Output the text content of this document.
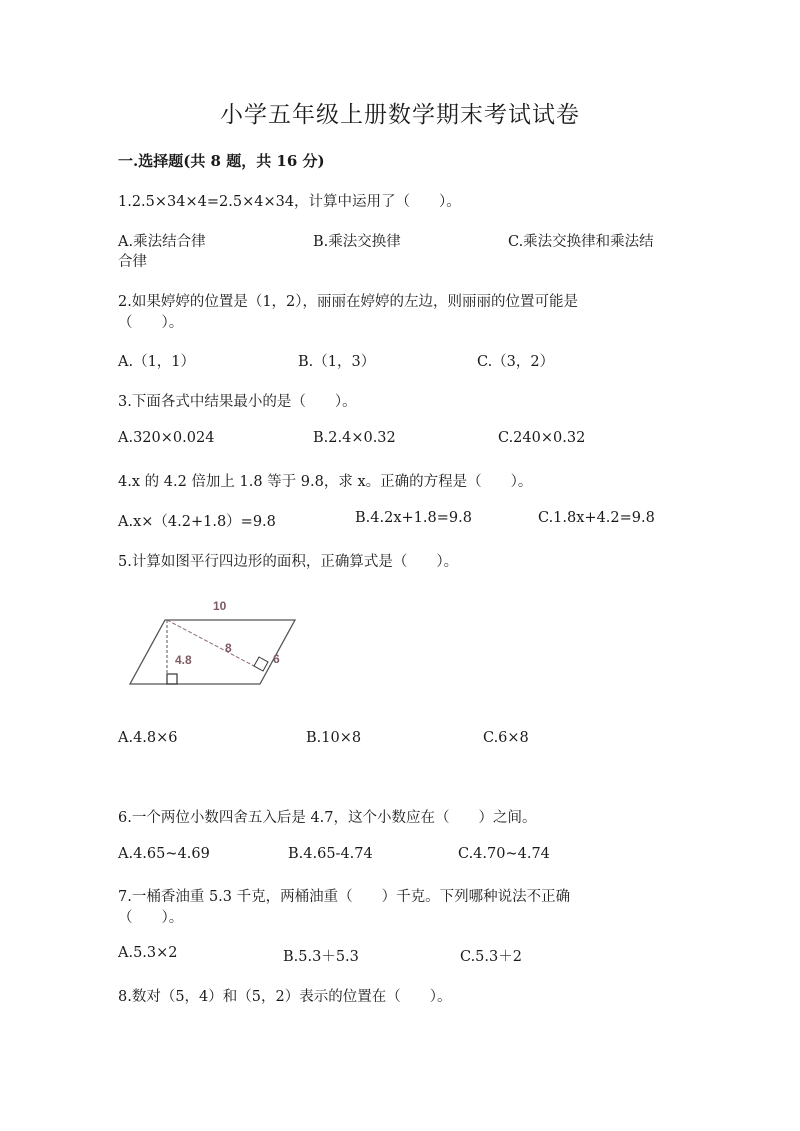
小学五年级上册数学期末考试试卷
一.选择题(共 8 题，共 16 分)
1.2.5×34×4=2.5×4×34，计算中运用了（　　）。
A.乘法结合律	B.乘法交换律	C.乘法交换律和乘法结
合律
2.如果婷婷的位置是（1，2），丽丽在婷婷的左边，则丽丽的位置可能是
（　　）。
A.（1，1）	B.（1，3）	C.（3，2）
3.下面各式中结果最小的是（　　）。
A.320×0.024	B.2.4×0.32	C.240×0.32
4.x 的 4.2 倍加上 1.8 等于 9.8，求 x。正确的方程是（　　）。
A.x×（4.2+1.8）=9.8	B.4.2x+1.8=9.8	C.1.8x+4.2=9.8
5.计算如图平行四边形的面积，正确算式是（　　）。
10
4.8
8
6
A.4.8×6	B.10×8	C.6×8
6.一个两位小数四舍五入后是 4.7，这个小数应在（　　）之间。
A.4.65~4.69	B.4.65-4.74	C.4.70~4.74
7.一桶香油重 5.3 千克，两桶油重（　　）千克。下列哪种说法不正确
（　　）。
A.5.3×2	B.5.3＋5.3	C.5.3＋2
8.数对（5，4）和（5，2）表示的位置在（　　）。
